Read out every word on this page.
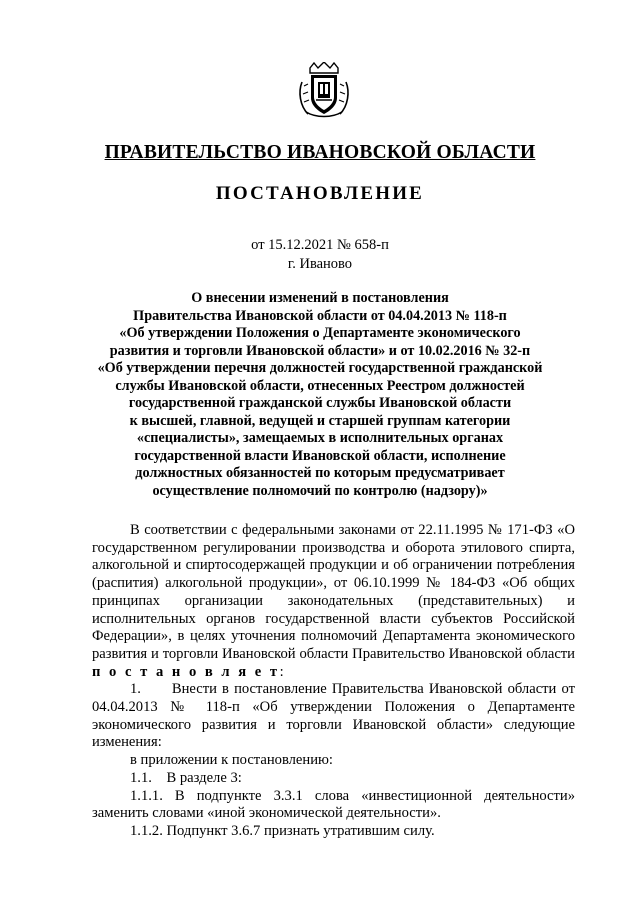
ПРАВИТЕЛЬСТВО ИВАНОВСКОЙ ОБЛАСТИ
ПОСТАНОВЛЕНИЕ
от 15.12.2021 № 658-п
г. Иваново
О внесении изменений в постановления
Правительства Ивановской области от 04.04.2013 № 118-п
«Об утверждении Положения о Департаменте экономического
развития и торговли Ивановской области» и от 10.02.2016 № 32-п
«Об утверждении перечня должностей государственной гражданской
службы Ивановской области, отнесенных Реестром должностей
государственной гражданской службы Ивановской области
к высшей, главной, ведущей и старшей группам категории
«специалисты», замещаемых в исполнительных органах
государственной власти Ивановской области, исполнение
должностных обязанностей по которым предусматривает
осуществление полномочий по контролю (надзору)»

В соответствии с федеральными законами от 22.11.1995 № 171-ФЗ «О государственном регулировании производства и оборота этилового спирта, алкогольной и спиртосодержащей продукции и об ограничении потребления (распития) алкогольной продукции», от 06.10.1999 № 184-ФЗ «Об общих принципах организации законодательных (представительных) и исполнительных органов государственной власти субъектов Российской Федерации», в целях уточнения полномочий Департамента экономического развития и торговли Ивановской области Правительство Ивановской области п о с т а н о в л я е т:

1.      Внести в постановление Правительства Ивановской области от 04.04.2013 № 118-п «Об утверждении Положения о Департаменте экономического развития и торговли Ивановской области» следующие изменения:

в приложении к постановлению:

1.1.    В разделе 3:

1.1.1. В подпункте 3.3.1 слова «инвестиционной деятельности» заменить словами «иной экономической деятельности».

1.1.2. Подпункт 3.6.7 признать утратившим силу.
